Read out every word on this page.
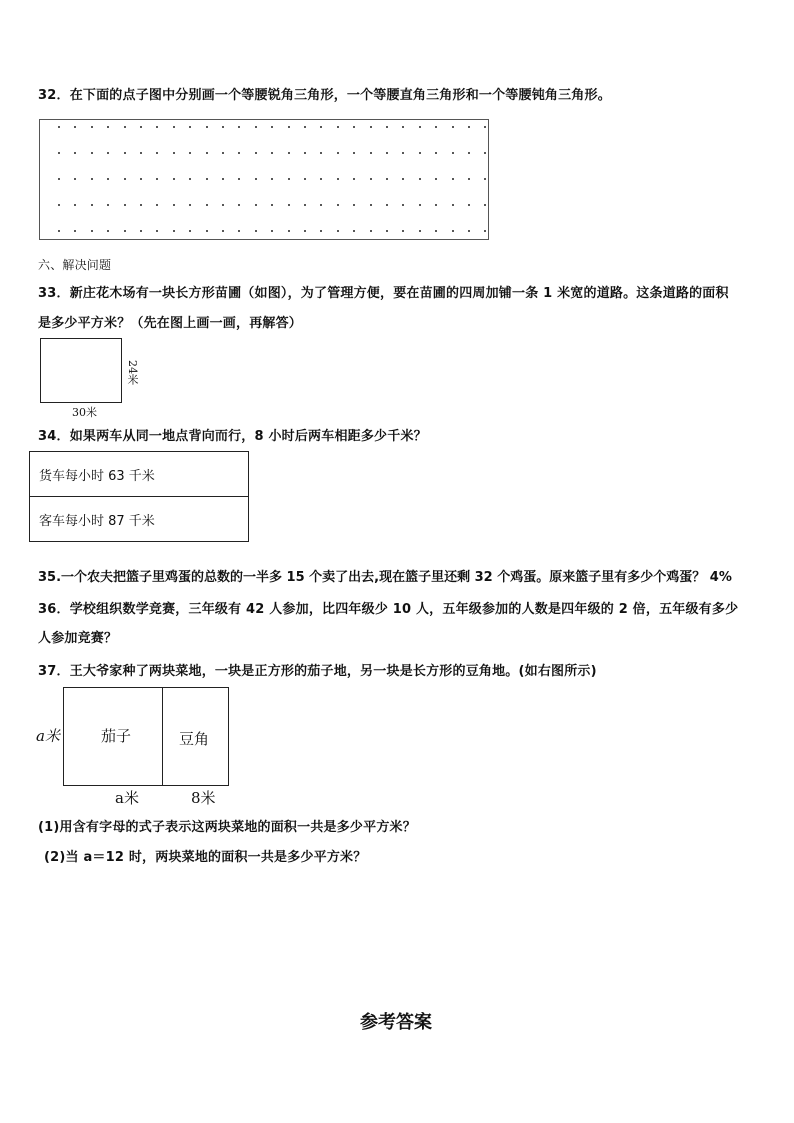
32．在下面的点子图中分别画一个等腰锐角三角形，一个等腰直角三角形和一个等腰钝角三角形。
六、解决问题
33．新庄花木场有一块长方形苗圃（如图），为了管理方便，要在苗圃的四周加铺一条 1 米宽的道路。这条道路的面积
是多少平方米？（先在图上画一画，再解答）
24米
30米
34．如果两车从同一地点背向而行，8 小时后两车相距多少千米？
货车每小时 63 千米
客车每小时 87 千米
35.一个农夫把篮子里鸡蛋的总数的一半多 15 个卖了出去,现在篮子里还剩 32 个鸡蛋。原来篮子里有多少个鸡蛋？ 4%
36．学校组织数学竞赛，三年级有 42 人参加，比四年级少 10 人，五年级参加的人数是四年级的 2 倍，五年级有多少
人参加竞赛？
37．王大爷家种了两块菜地，一块是正方形的茄子地，另一块是长方形的豆角地。(如右图所示)
a米	茄子	豆角
a米	8米
(1)用含有字母的式子表示这两块菜地的面积一共是多少平方米？
(2)当 a＝12 时，两块菜地的面积一共是多少平方米？
参考答案
